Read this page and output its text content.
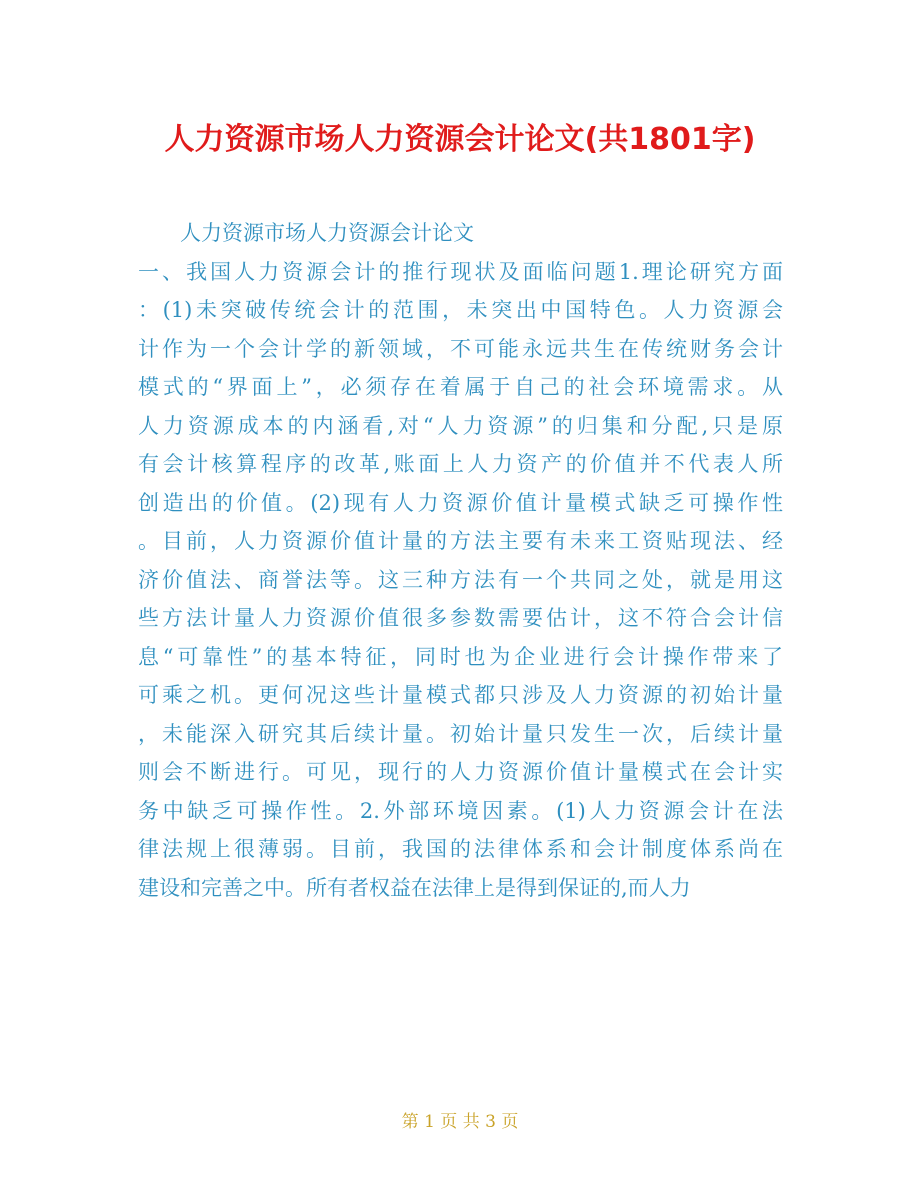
人力资源市场人力资源会计论文(共1801字)
人力资源市场人力资源会计论文
一、我国人力资源会计的推行现状及面临问题1.理论研究方面
：(1)未突破传统会计的范围，未突出中国特色。人力资源会
计作为一个会计学的新领域，不可能永远共生在传统财务会计
模式的“界面上”，必须存在着属于自己的社会环境需求。从
人力资源成本的内涵看,对“人力资源”的归集和分配,只是原
有会计核算程序的改革,账面上人力资产的价值并不代表人所
创造出的价值。(2)现有人力资源价值计量模式缺乏可操作性
。目前，人力资源价值计量的方法主要有未来工资贴现法、经
济价值法、商誉法等。这三种方法有一个共同之处，就是用这
些方法计量人力资源价值很多参数需要估计，这不符合会计信
息“可靠性”的基本特征，同时也为企业进行会计操作带来了
可乘之机。更何况这些计量模式都只涉及人力资源的初始计量
，未能深入研究其后续计量。初始计量只发生一次，后续计量
则会不断进行。可见，现行的人力资源价值计量模式在会计实
务中缺乏可操作性。2.外部环境因素。(1)人力资源会计在法
律法规上很薄弱。目前，我国的法律体系和会计制度体系尚在
建设和完善之中。所有者权益在法律上是得到保证的,而人力
第 1 页 共 3 页
